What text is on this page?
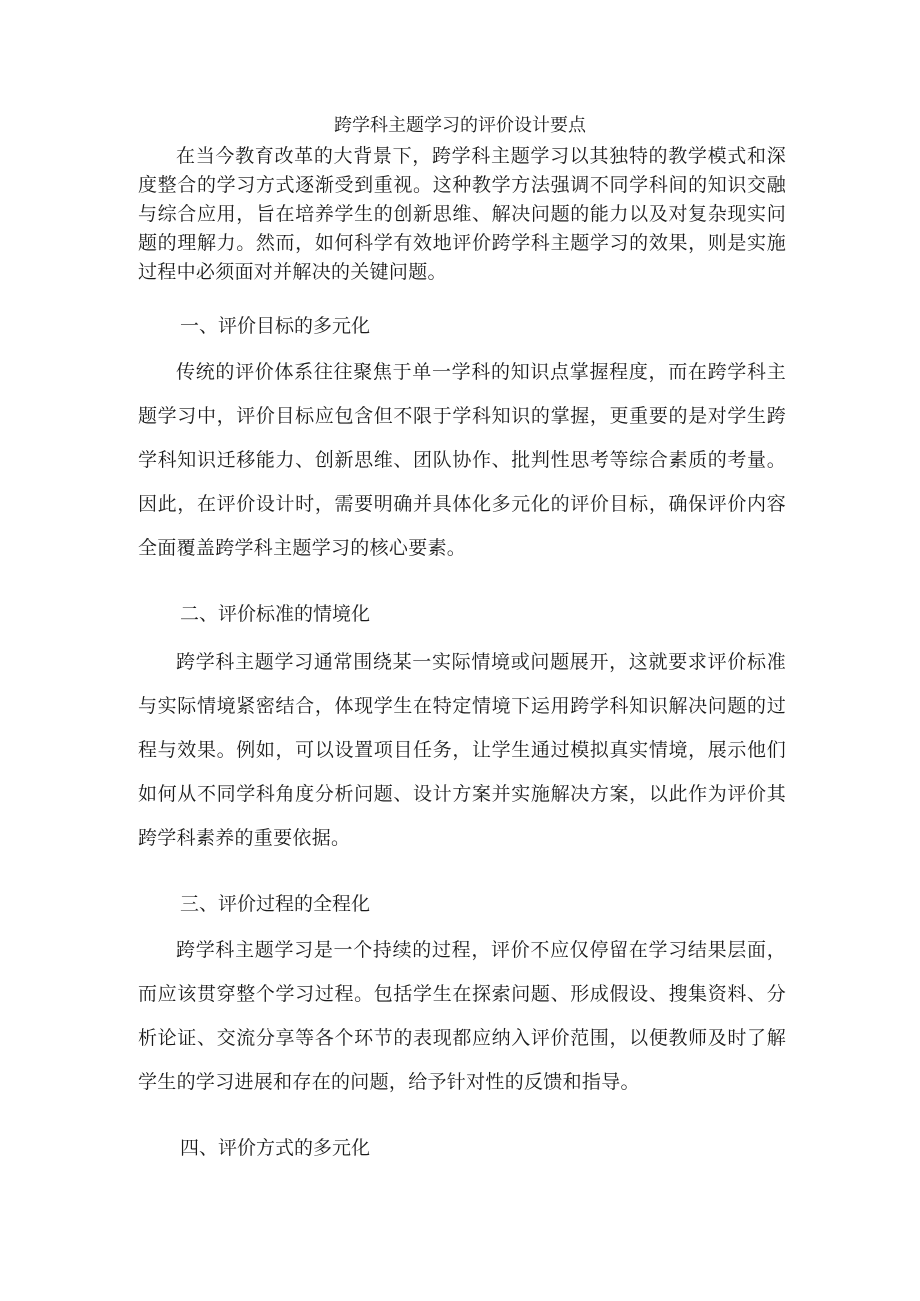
跨学科主题学习的评价设计要点

在当今教育改革的大背景下，跨学科主题学习以其独特的教学模式和深度整合的学习方式逐渐受到重视。这种教学方法强调不同学科间的知识交融与综合应用，旨在培养学生的创新思维、解决问题的能力以及对复杂现实问题的理解力。然而，如何科学有效地评价跨学科主题学习的效果，则是实施过程中必须面对并解决的关键问题。

一、评价目标的多元化

传统的评价体系往往聚焦于单一学科的知识点掌握程度，而在跨学科主题学习中，评价目标应包含但不限于学科知识的掌握，更重要的是对学生跨学科知识迁移能力、创新思维、团队协作、批判性思考等综合素质的考量。因此，在评价设计时，需要明确并具体化多元化的评价目标，确保评价内容全面覆盖跨学科主题学习的核心要素。

二、评价标准的情境化

跨学科主题学习通常围绕某一实际情境或问题展开，这就要求评价标准与实际情境紧密结合，体现学生在特定情境下运用跨学科知识解决问题的过程与效果。例如，可以设置项目任务，让学生通过模拟真实情境，展示他们如何从不同学科角度分析问题、设计方案并实施解决方案，以此作为评价其跨学科素养的重要依据。

三、评价过程的全程化

跨学科主题学习是一个持续的过程，评价不应仅停留在学习结果层面，而应该贯穿整个学习过程。包括学生在探索问题、形成假设、搜集资料、分析论证、交流分享等各个环节的表现都应纳入评价范围，以便教师及时了解学生的学习进展和存在的问题，给予针对性的反馈和指导。

四、评价方式的多元化
